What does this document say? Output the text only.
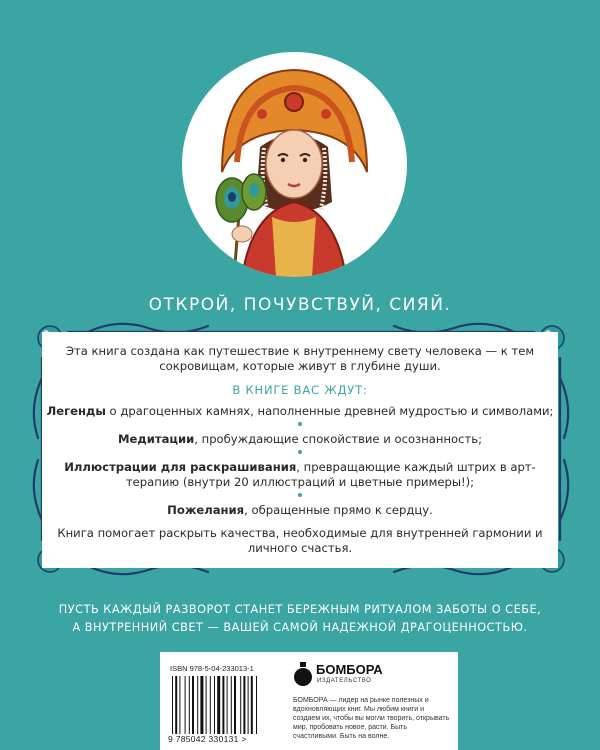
ОТКРОЙ, ПОЧУВСТВУЙ, СИЯЙ.
Эта книга создана как путешествие к внутреннему свету человека — к тем сокровищам, которые живут в глубине души.
В КНИГЕ ВАС ЖДУТ:
Легенды о драгоценных камнях, наполненные древней мудростью и символами;
Медитации, пробуждающие спокойствие и осознанность;
Иллюстрации для раскрашивания, превращающие каждый штрих в арт-терапию (внутри 20 иллюстраций и цветные примеры!);
Пожелания, обращенные прямо к сердцу.
Книга помогает раскрыть качества, необходимые для внутренней гармонии и личного счастья.
ПУСТЬ КАЖДЫЙ РАЗВОРОТ СТАНЕТ БЕРЕЖНЫМ РИТУАЛОМ ЗАБОТЫ О СЕБЕ,
А ВНУТРЕННИЙ СВЕТ — ВАШЕЙ САМОЙ НАДЕЖНОЙ ДРАГОЦЕННОСТЬЮ.
ISBN 978-5-04-233013-1
9 785042 330131 >
БОМБОРА
ИЗДАТЕЛЬСТВО
БОМБОРА — лидер на рынке полезных и вдохновляющих книг. Мы любим книги и создаем их, чтобы вы могли творить, открывать мир, пробовать новое, расти. Быть счастливыми. Быть на волне.
